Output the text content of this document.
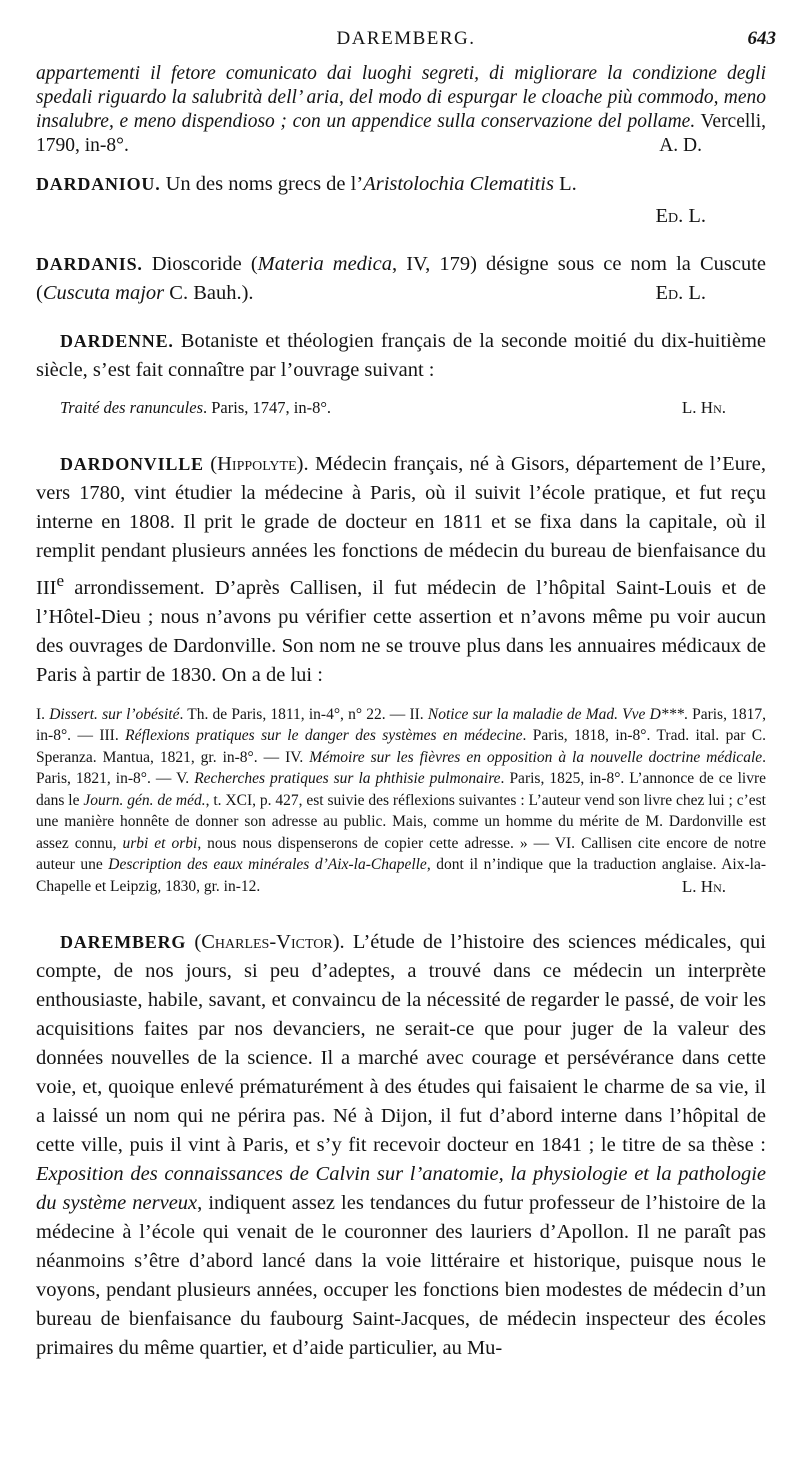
DAREMBERG.	643

appartementi il fetore comunicato dai luoghi segreti, di migliorare la condizione degli spedali riguardo la salubrità dell’ aria, del modo di espurgar le cloache più commodo, meno insalubre, e meno dispendioso ; con un appendice sulla conservazione del pollame. Vercelli, 1790, in-8°.	A. D.

DARDANIOU. Un des noms grecs de l’Aristolochia Clematitis L.

Ed. L.

DARDANIS. Dioscoride (Materia medica, IV, 179) désigne sous ce nom la Cuscute (Cuscuta major C. Bauh.).	Ed. L.

DARDENNE. Botaniste et théologien français de la seconde moitié du dix-huitième siècle, s’est fait connaître par l’ouvrage suivant :

Traité des ranuncules. Paris, 1747, in-8°.	L. Hn.

DARDONVILLE (Hippolyte). Médecin français, né à Gisors, département de l’Eure, vers 1780, vint étudier la médecine à Paris, où il suivit l’école pratique, et fut reçu interne en 1808. Il prit le grade de docteur en 1811 et se fixa dans la capitale, où il remplit pendant plusieurs années les fonctions de médecin du bureau de bienfaisance du IIIe arrondissement. D’après Callisen, il fut médecin de l’hôpital Saint-Louis et de l’Hôtel-Dieu ; nous n’avons pu vérifier cette assertion et n’avons même pu voir aucun des ouvrages de Dardonville. Son nom ne se trouve plus dans les annuaires médicaux de Paris à partir de 1830. On a de lui :

I. Dissert. sur l’obésité. Th. de Paris, 1811, in-4°, n° 22. — II. Notice sur la maladie de Mad. Vve D***. Paris, 1817, in-8°. — III. Réflexions pratiques sur le danger des systèmes en médecine. Paris, 1818, in-8°. Trad. ital. par C. Speranza. Mantua, 1821, gr. in-8°. — IV. Mémoire sur les fièvres en opposition à la nouvelle doctrine médicale. Paris, 1821, in-8°. — V. Recherches pratiques sur la phthisie pulmonaire. Paris, 1825, in-8°. L’annonce de ce livre dans le Journ. gén. de méd., t. XCI, p. 427, est suivie des réflexions suivantes : L’auteur vend son livre chez lui ; c’est une manière honnête de donner son adresse au public. Mais, comme un homme du mérite de M. Dardonville est assez connu, urbi et orbi, nous nous dispenserons de copier cette adresse. » — VI. Callisen cite encore de notre auteur une Description des eaux minérales d’Aix-la-Chapelle, dont il n’indique que la traduction anglaise. Aix-la-Chapelle et Leipzig, 1830, gr. in-12.	L. Hn.

DAREMBERG (Charles-Victor). L’étude de l’histoire des sciences médicales, qui compte, de nos jours, si peu d’adeptes, a trouvé dans ce médecin un interprète enthousiaste, habile, savant, et convaincu de la nécessité de regarder le passé, de voir les acquisitions faites par nos devanciers, ne serait-ce que pour juger de la valeur des données nouvelles de la science. Il a marché avec courage et persévérance dans cette voie, et, quoique enlevé prématurément à des études qui faisaient le charme de sa vie, il a laissé un nom qui ne périra pas. Né à Dijon, il fut d’abord interne dans l’hôpital de cette ville, puis il vint à Paris, et s’y fit recevoir docteur en 1841 ; le titre de sa thèse : Exposition des connaissances de Calvin sur l’anatomie, la physiologie et la pathologie du système nerveux, indiquent assez les tendances du futur professeur de l’histoire de la médecine à l’école qui venait de le couronner des lauriers d’Apollon. Il ne paraît pas néanmoins s’être d’abord lancé dans la voie littéraire et historique, puisque nous le voyons, pendant plusieurs années, occuper les fonctions bien modestes de médecin d’un bureau de bienfaisance du faubourg Saint-Jacques, de médecin inspecteur des écoles primaires du même quartier, et d’aide particulier, au Mu-
